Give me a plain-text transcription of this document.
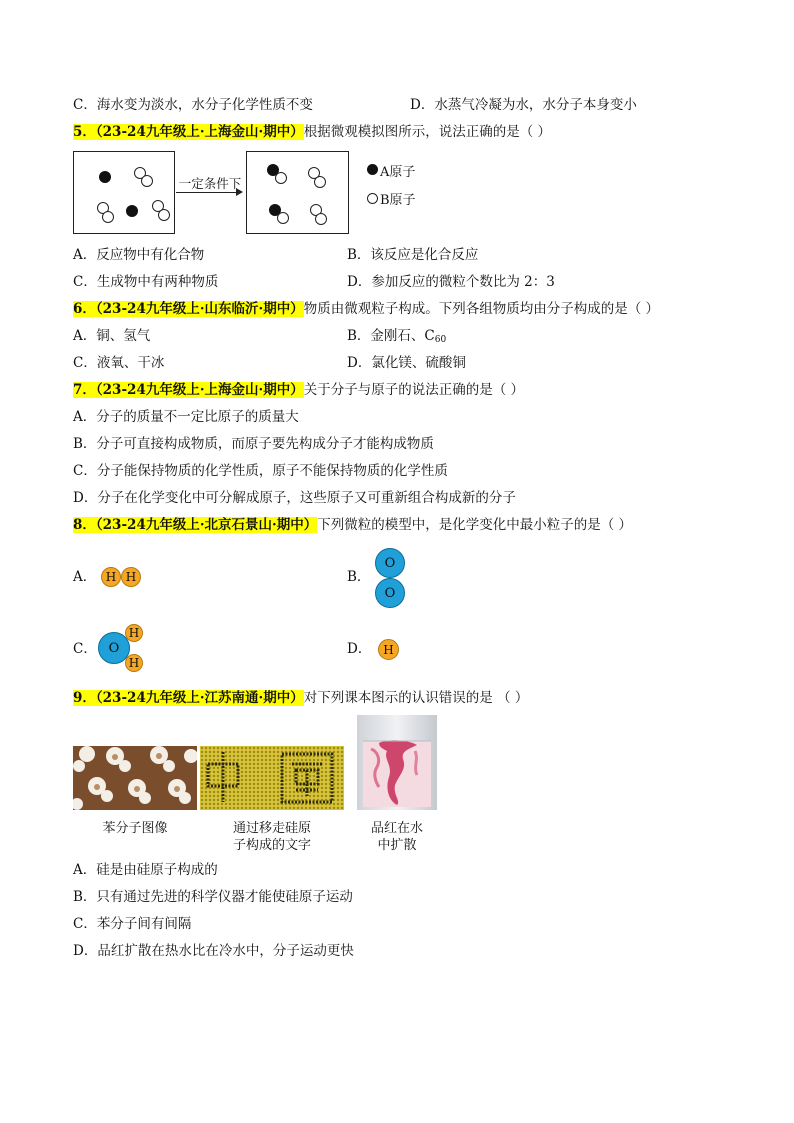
C．海水变为淡水，水分子化学性质不变	D．水蒸气冷凝为水，水分子本身变小
5．（23-24九年级上·上海金山·期中）根据微观模拟图所示，说法正确的是（ ）
一定条件下
A原子
B原子
A．反应物中有化合物	B．该反应是化合反应
C．生成物中有两种物质	D．参加反应的微粒个数比为 2：3
6．（23-24九年级上·山东临沂·期中）物质由微观粒子构成。下列各组物质均由分子构成的是（ ）
A．铜、氢气	B．金刚石、$C_{60}$
C．液氧、干冰	D．氯化镁、硫酸铜
7．（23-24九年级上·上海金山·期中）关于分子与原子的说法正确的是（ ）
A．分子的质量不一定比原子的质量大
B．分子可直接构成物质，而原子要先构成分子才能构成物质
C．分子能保持物质的化学性质，原子不能保持物质的化学性质
D．分子在化学变化中可分解成原子，这些原子又可重新组合构成新的分子
8．（23-24九年级上·北京石景山·期中）下列微粒的模型中，是化学变化中最小粒子的是（ ）
A． H H	B．
O
O
C． O
H
H
D． H
9．（23-24九年级上·江苏南通·期中）对下列课本图示的认识错误的是 （ ）
苯分子图像	通过移走硅原
子构成的文字
品红在水
中扩散
A．硅是由硅原子构成的
B．只有通过先进的科学仪器才能使硅原子运动
C．苯分子间有间隔
D．品红扩散在热水比在冷水中，分子运动更快
